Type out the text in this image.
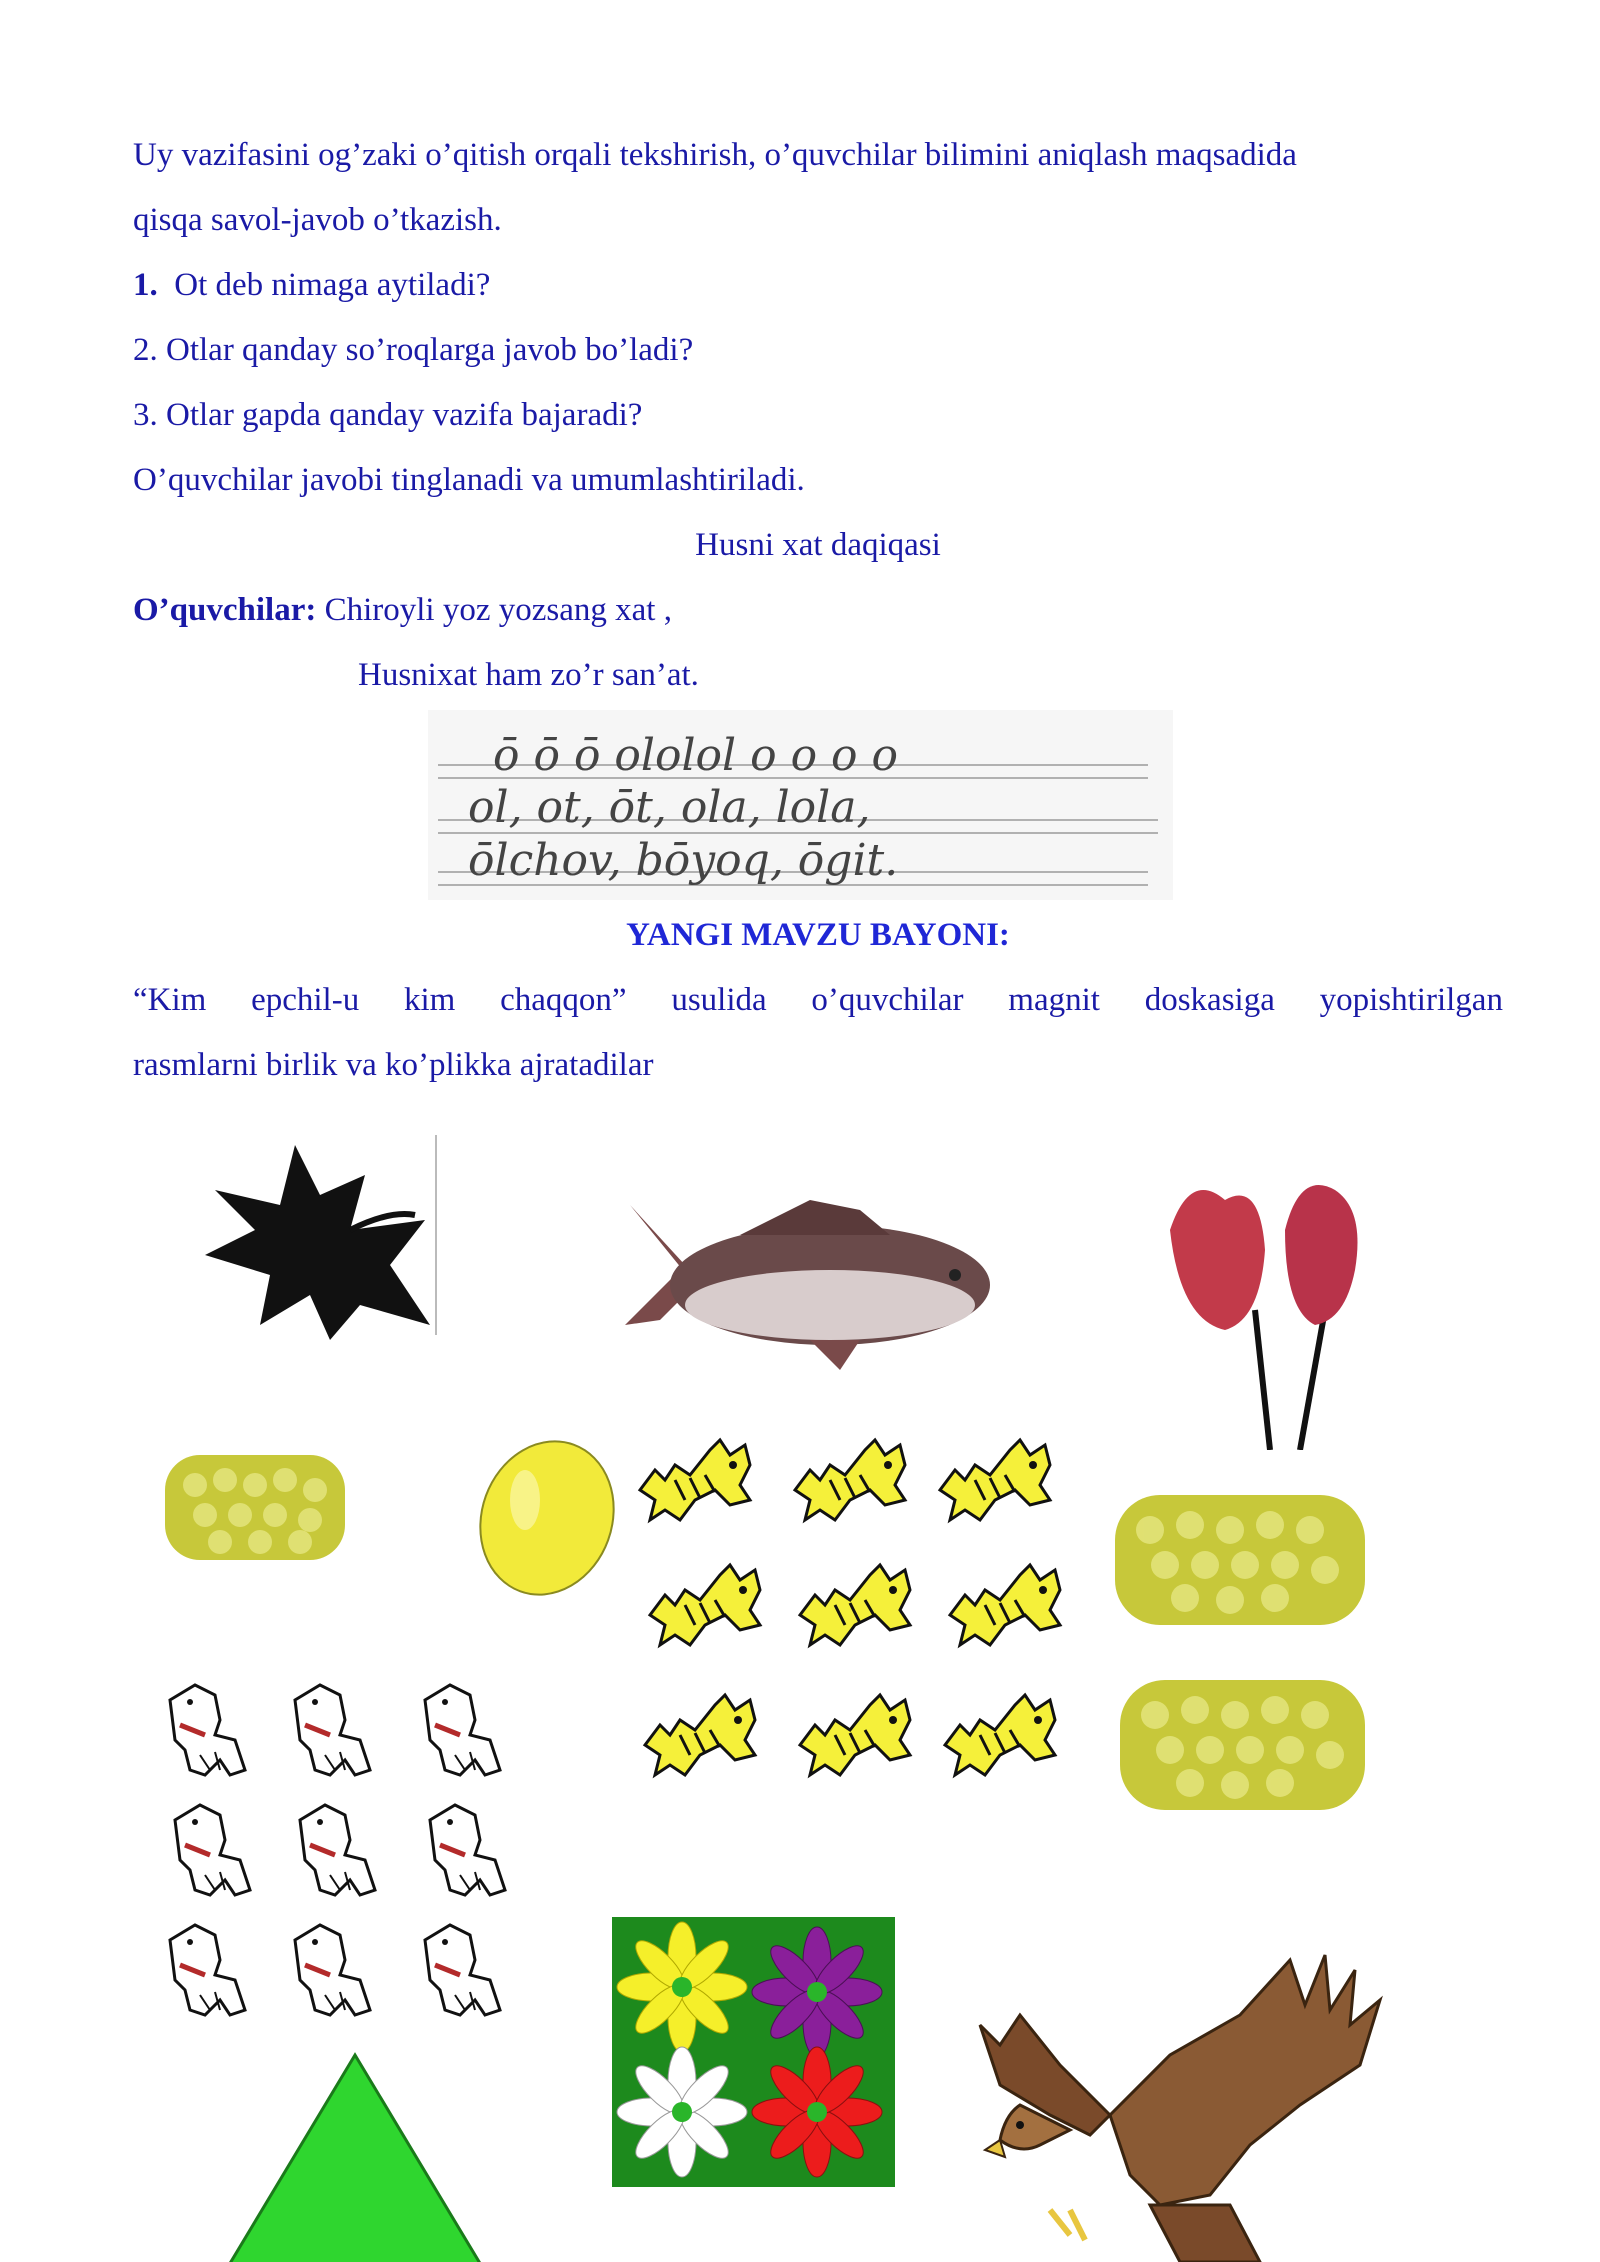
Uy vazifasini og’zaki o’qitish orqali tekshirish, o’quvchilar bilimini aniqlash maqsadida
qisqa savol-javob o’tkazish.
1. Ot deb nimaga aytiladi?
2. Otlar qanday so’roqlarga javob bo’ladi?
3. Otlar gapda qanday vazifa bajaradi?
O’quvchilar javobi tinglanadi va umumlashtiriladi.
Husni xat daqiqasi
O’quvchilar: Chiroyli yoz yozsang xat ,
Husnixat ham zo’r san’at.
ō ō ō ololol o o o o
ol, ot, ōt, ola, lola,
ōlchov, bōyoq, ōgit.
YANGI MAVZU BAYONI:
“Kim epchil-u kim chaqqon” usulida o’quvchilar magnit doskasiga yopishtirilgan
rasmlarni birlik va ko’plikka ajratadilar
